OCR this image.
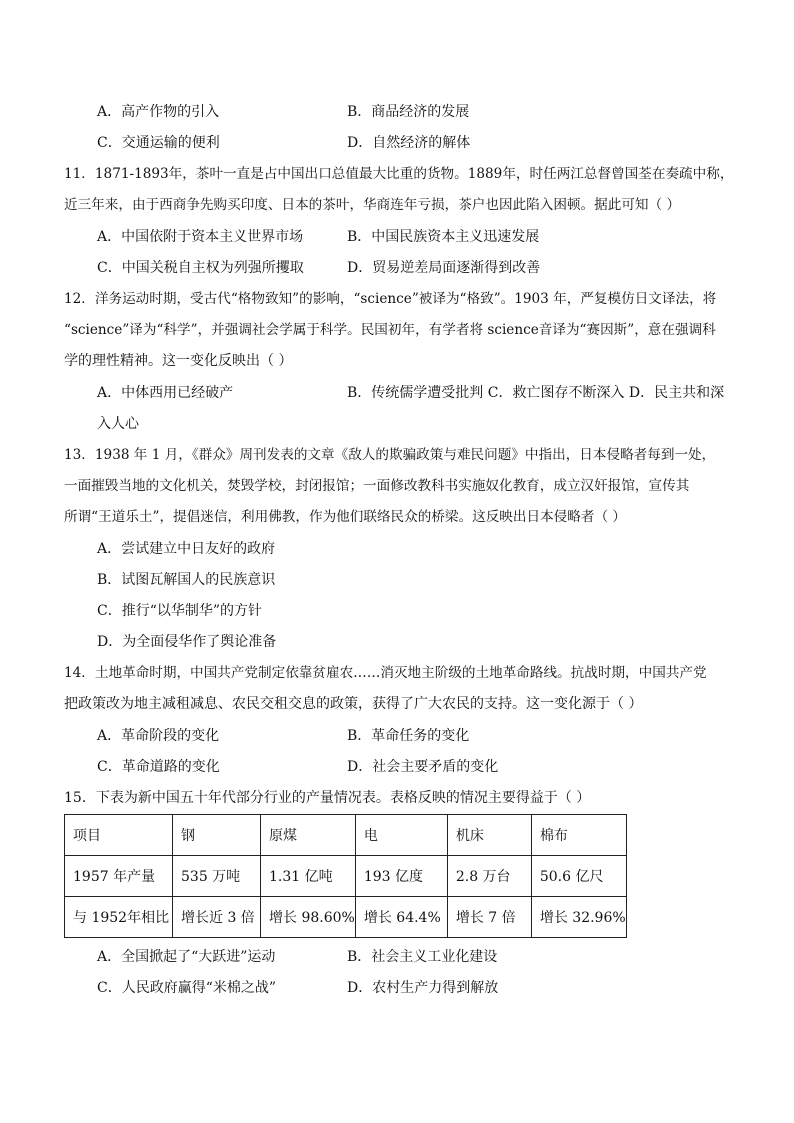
A．高产作物的引入	B．商品经济的发展
C．交通运输的便利	D．自然经济的解体
11．1871-1893年，茶叶一直是占中国出口总值最大比重的货物。1889年，时任两江总督曾国荃在奏疏中称，
近三年来，由于西商争先购买印度、日本的茶叶，华商连年亏损，茶户也因此陷入困顿。据此可知（ ）
A．中国依附于资本主义世界市场	B．中国民族资本主义迅速发展
C．中国关税自主权为列强所攫取	D．贸易逆差局面逐渐得到改善
12．洋务运动时期，受古代“格物致知”的影响，“science”被译为“格致”。1903 年，严复模仿日文译法，将
“science”译为“科学”，并强调社会学属于科学。民国初年，有学者将 science音译为“赛因斯”，意在强调科
学的理性精神。这一变化反映出（ ）
A．中体西用已经破产	B．传统儒学遭受批判 C．救亡图存不断深入 D．民主共和深
入人心
13．1938 年 1 月，《群众》周刊发表的文章《敌人的欺骗政策与难民问题》中指出，日本侵略者每到一处，
一面摧毁当地的文化机关，焚毁学校，封闭报馆；一面修改教科书实施奴化教育，成立汉奸报馆，宣传其
所谓“王道乐土”，提倡迷信，利用佛教，作为他们联络民众的桥梁。这反映出日本侵略者（ ）
A．尝试建立中日友好的政府
B．试图瓦解国人的民族意识
C．推行“以华制华”的方针
D．为全面侵华作了舆论准备
14．土地革命时期，中国共产党制定依靠贫雇农……消灭地主阶级的土地革命路线。抗战时期，中国共产党
把政策改为地主减租减息、农民交租交息的政策，获得了广大农民的支持。这一变化源于（ ）
A．革命阶段的变化	B．革命任务的变化
C．革命道路的变化	D．社会主要矛盾的变化
15．下表为新中国五十年代部分行业的产量情况表。表格反映的情况主要得益于（ ）
项目	钢	原煤	电	机床	棉布
1957 年产量	535 万吨	1.31 亿吨	193 亿度	2.8 万台	50.6 亿尺
与 1952年相比	增长近 3 倍	增长 98.60%	增长 64.4%	增长 7 倍	增长 32.96%
A．全国掀起了“大跃进”运动	B．社会主义工业化建设
C．人民政府赢得“米棉之战”	D．农村生产力得到解放
